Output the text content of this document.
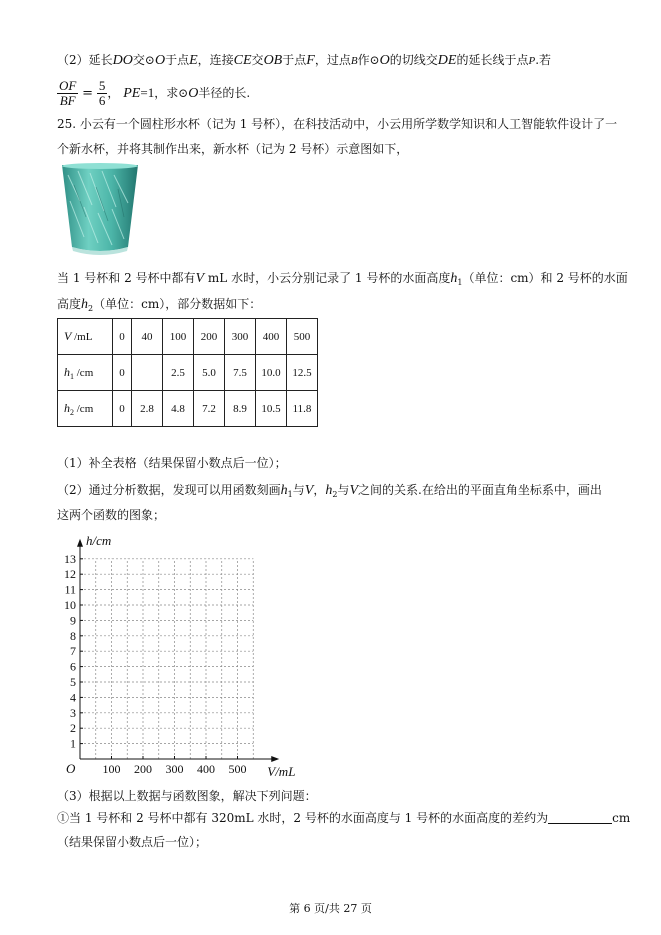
（2）延长DO交⊙O于点E，连接CE交OB于点F，过点B作⊙O的切线交DE的延长线于点P.若
$\frac{OF}{BF} = \frac{5}{6}$ ， PE=1，求⊙O半径的长.
25. 小云有一个圆柱形水杯（记为 1 号杯），在科技活动中，小云用所学数学知识和人工智能软件设计了一
个新水杯，并将其制作出来，新水杯（记为 2 号杯）示意图如下，
当 1 号杯和 2 号杯中都有V mL 水时，小云分别记录了 1 号杯的水面高度$h_1$（单位：cm）和 2 号杯的水面
高度$h_2$（单位：cm），部分数据如下：
V /mL	0	40	100	200	300	400	500
$h_1$ /cm	0		2.5	5.0	7.5	10.0	12.5
$h_2$ /cm	0	2.8	4.8	7.2	8.9	10.5	11.8
（1）补全表格（结果保留小数点后一位）；
（2）通过分析数据，发现可以用函数刻画$h_1$与V，$h_2$与V之间的关系.在给出的平面直角坐标系中，画出
这两个函数的图象；
100 200 300 400 500
1
2
3
4
5
6
7
8
9
10
11
12
13
O
h/cm
V/mL
（3）根据以上数据与函数图象，解决下列问题：
①当 1 号杯和 2 号杯中都有 320mL 水时，2 号杯的水面高度与 1 号杯的水面高度的差约为	cm
（结果保留小数点后一位）；
第 6 页/共 27 页
